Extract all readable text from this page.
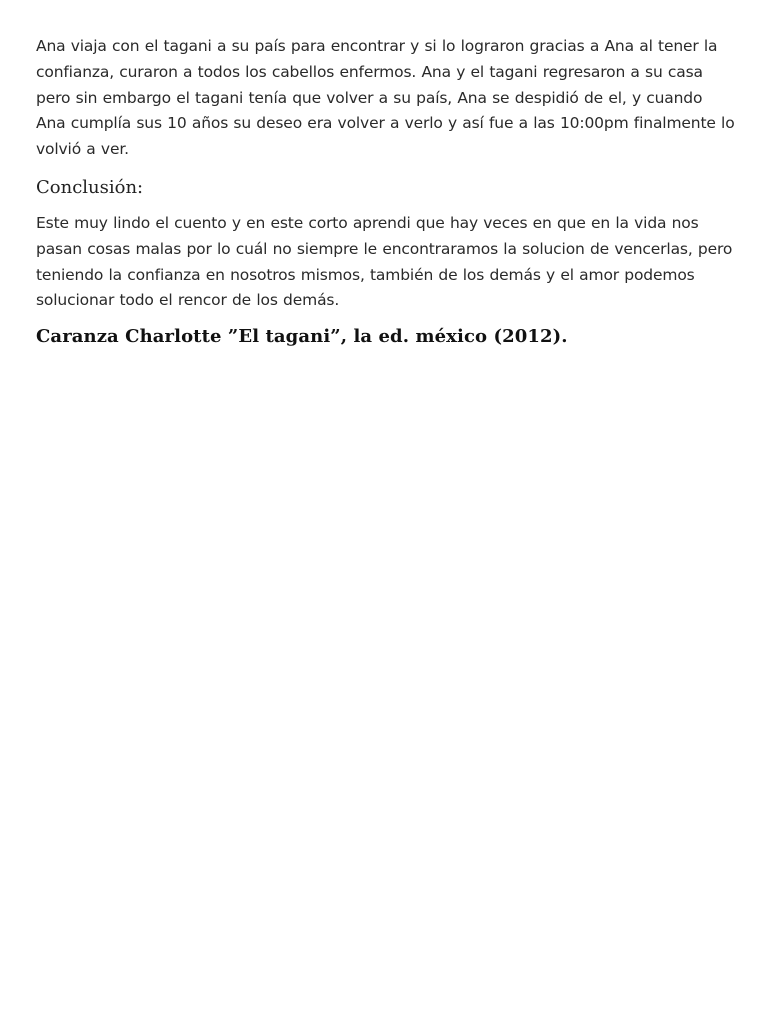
Ana viaja con el tagani a su país para encontrar y si lo lograron gracias a Ana al tener la confianza, curaron a todos los cabellos enfermos. Ana y el tagani regresaron a su casa pero sin embargo el tagani tenía que volver a su país, Ana se despidió de el, y cuando Ana cumplía sus 10 años su deseo era volver a verlo y así fue a las 10:00pm finalmente lo volvió a ver.

Conclusión:

Este muy lindo el cuento y en este corto aprendi que hay veces en que en la vida nos pasan cosas malas por lo cuál no siempre le encontraramos la solucion de vencerlas, pero teniendo la confianza en nosotros mismos, también de los demás y el amor podemos solucionar todo el rencor de los demás.

Caranza Charlotte ”El tagani”, la ed. méxico (2012).
